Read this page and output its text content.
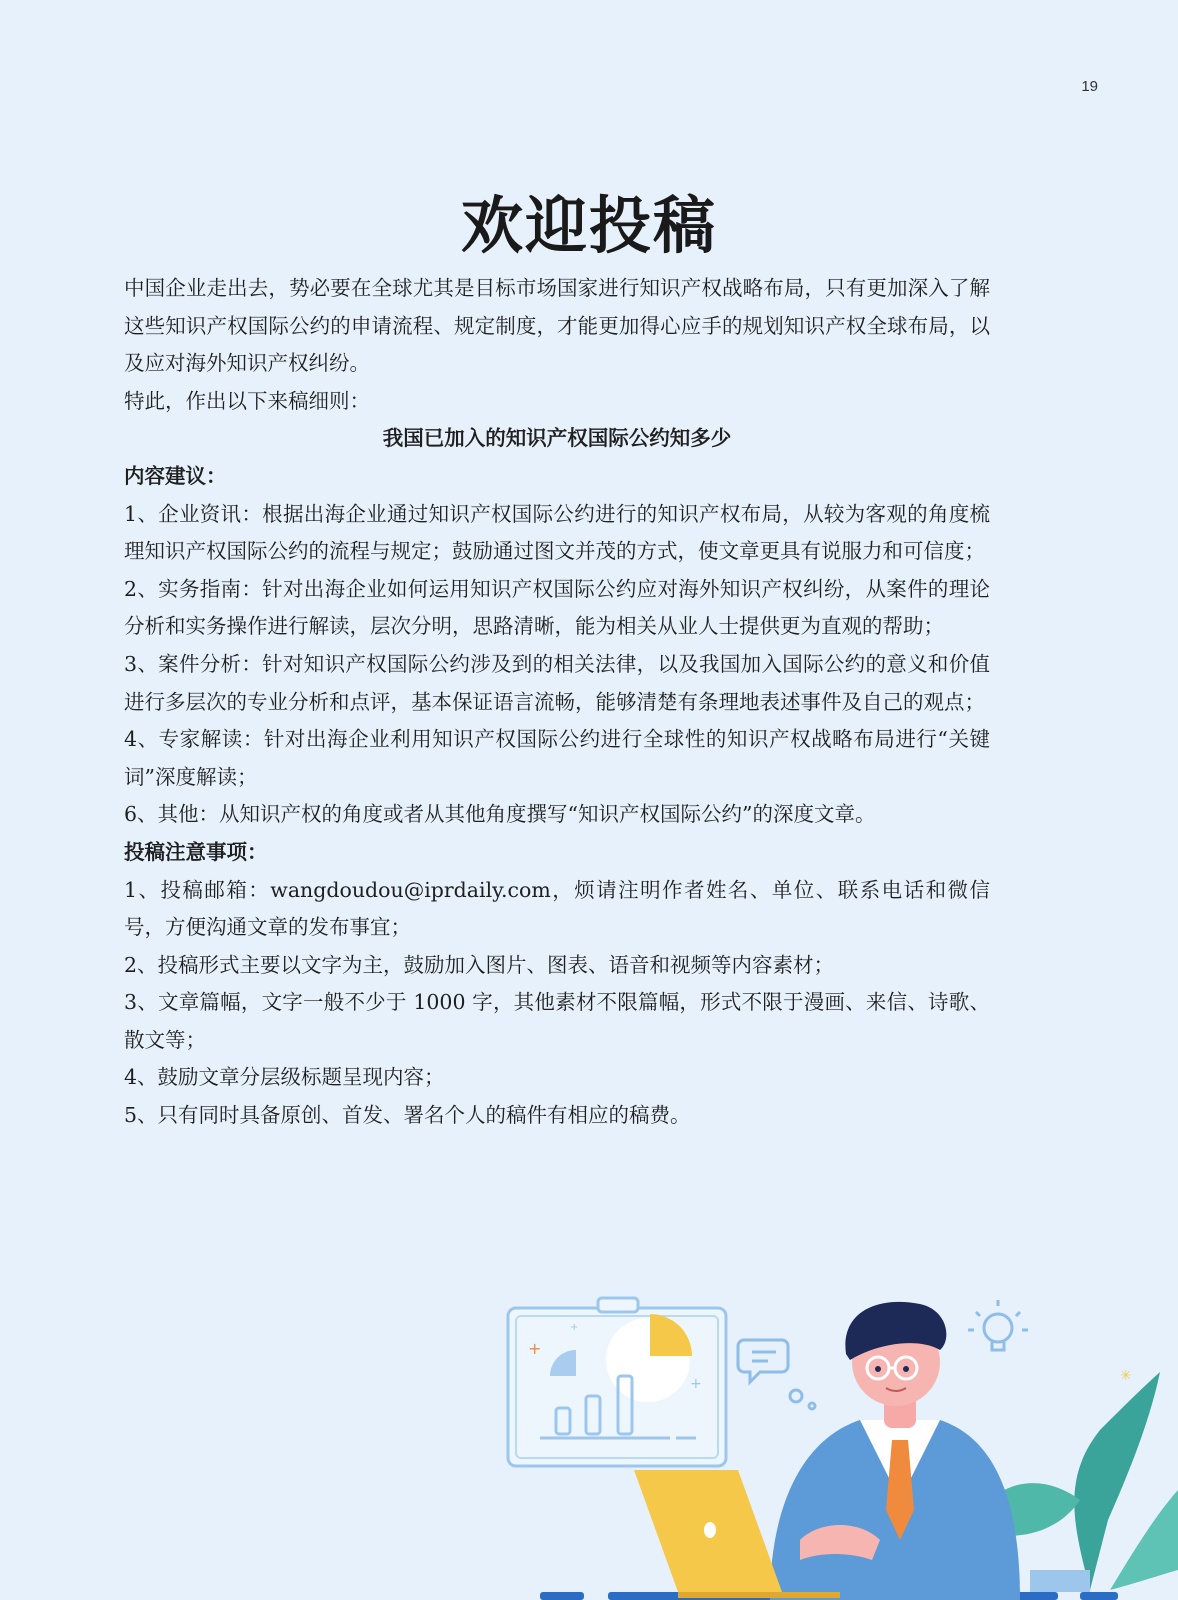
19
欢迎投稿

中国企业走出去，势必要在全球尤其是目标市场国家进行知识产权战略布局，只有更加深入了解这些知识产权国际公约的申请流程、规定制度，才能更加得心应手的规划知识产权全球布局，以及应对海外知识产权纠纷。

特此，作出以下来稿细则：

我国已加入的知识产权国际公约知多少

内容建议：

1、企业资讯：根据出海企业通过知识产权国际公约进行的知识产权布局，从较为客观的角度梳理知识产权国际公约的流程与规定；鼓励通过图文并茂的方式，使文章更具有说服力和可信度；

2、实务指南：针对出海企业如何运用知识产权国际公约应对海外知识产权纠纷，从案件的理论分析和实务操作进行解读，层次分明，思路清晰，能为相关从业人士提供更为直观的帮助；

3、案件分析：针对知识产权国际公约涉及到的相关法律，以及我国加入国际公约的意义和价值进行多层次的专业分析和点评，基本保证语言流畅，能够清楚有条理地表述事件及自己的观点；

4、专家解读：针对出海企业利用知识产权国际公约进行全球性的知识产权战略布局进行“关键词”深度解读；

6、其他：从知识产权的角度或者从其他角度撰写“知识产权国际公约”的深度文章。

投稿注意事项：

1、投稿邮箱：wangdoudou@iprdaily.com，烦请注明作者姓名、单位、联系电话和微信号，方便沟通文章的发布事宜；

2、投稿形式主要以文字为主，鼓励加入图片、图表、语音和视频等内容素材；

3、文章篇幅，文字一般不少于 1000 字，其他素材不限篇幅，形式不限于漫画、来信、诗歌、散文等；

4、鼓励文章分层级标题呈现内容；

5、只有同时具备原创、首发、署名个人的稿件有相应的稿费。

+
+
+
✳
